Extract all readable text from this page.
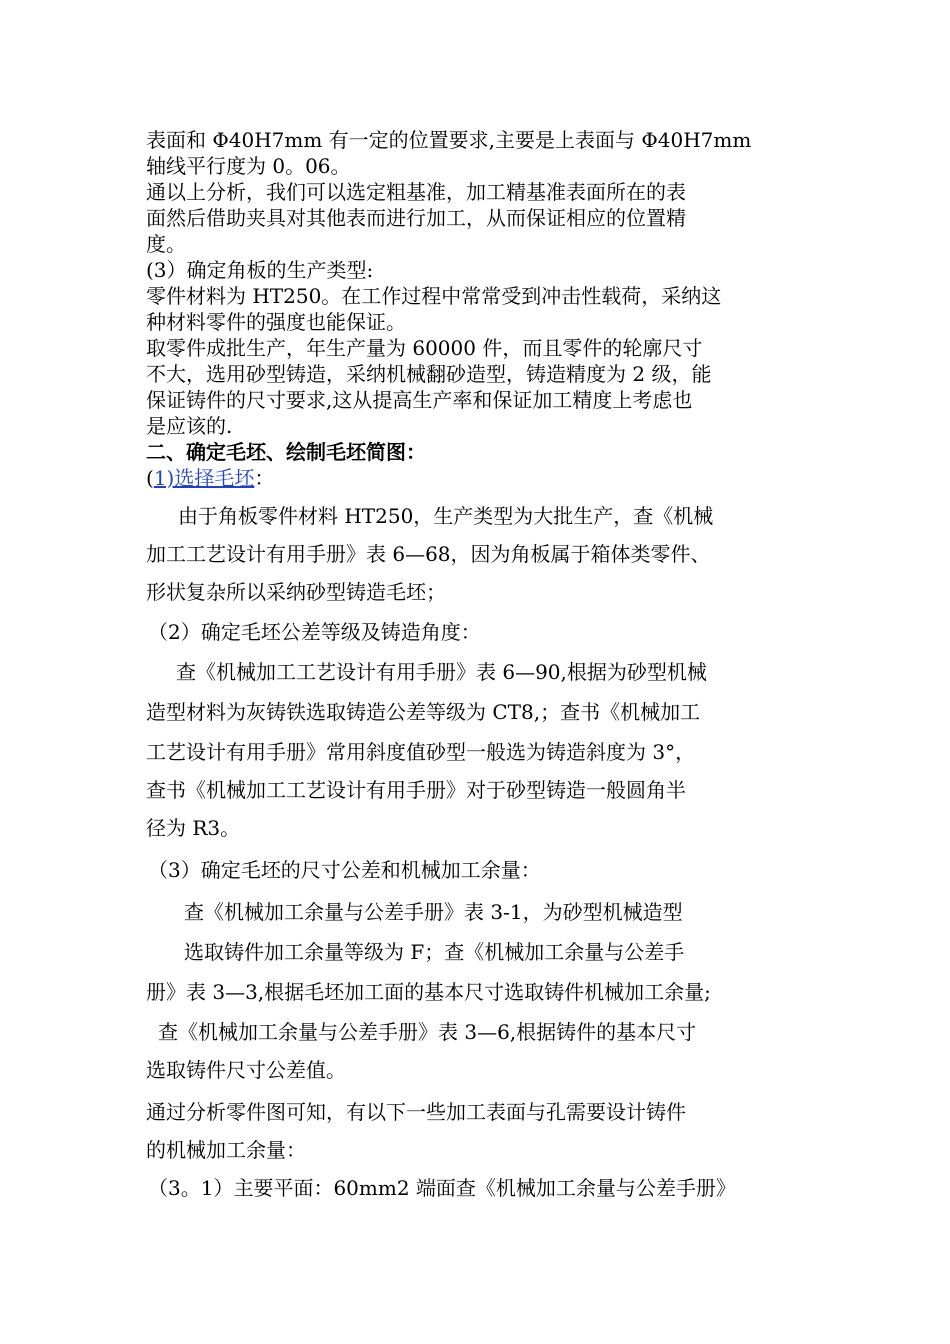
表面和 Φ40H7mm 有一定的位置要求,主要是上表面与 Φ40H7mm
轴线平行度为 0。06。
通以上分析，我们可以选定粗基准，加工精基准表面所在的表
面然后借助夹具对其他表而进行加工，从而保证相应的位置精
度。
(3）确定角板的生产类型:
零件材料为 HT250。在工作过程中常常受到冲击性载荷，采纳这
种材料零件的强度也能保证。
取零件成批生产，年生产量为 60000 件，而且零件的轮廓尺寸
不大，选用砂型铸造，采纳机械翻砂造型，铸造精度为 2 级，能
保证铸件的尺寸要求,这从提高生产率和保证加工精度上考虑也
是应该的.
二、确定毛坯、绘制毛坯简图：
(1)选择毛坯：
由于角板零件材料 HT250，生产类型为大批生产，查《机械
加工工艺设计有用手册》表 6—68，因为角板属于箱体类零件、
形状复杂所以采纳砂型铸造毛坯；
（2）确定毛坯公差等级及铸造角度：
查《机械加工工艺设计有用手册》表 6—90,根据为砂型机械
造型材料为灰铸铁选取铸造公差等级为 CT8,；查书《机械加工
工艺设计有用手册》常用斜度值砂型一般选为铸造斜度为 3°，
查书《机械加工工艺设计有用手册》对于砂型铸造一般圆角半
径为 R3。
（3）确定毛坯的尺寸公差和机械加工余量：
查《机械加工余量与公差手册》表 3-1，为砂型机械造型
选取铸件加工余量等级为 F；查《机械加工余量与公差手
册》表 3—3,根据毛坯加工面的基本尺寸选取铸件机械加工余量;
查《机械加工余量与公差手册》表 3—6,根据铸件的基本尺寸
选取铸件尺寸公差值。
通过分析零件图可知，有以下一些加工表面与孔需要设计铸件
的机械加工余量：
（3。1）主要平面：60mm2 端面查《机械加工余量与公差手册》
